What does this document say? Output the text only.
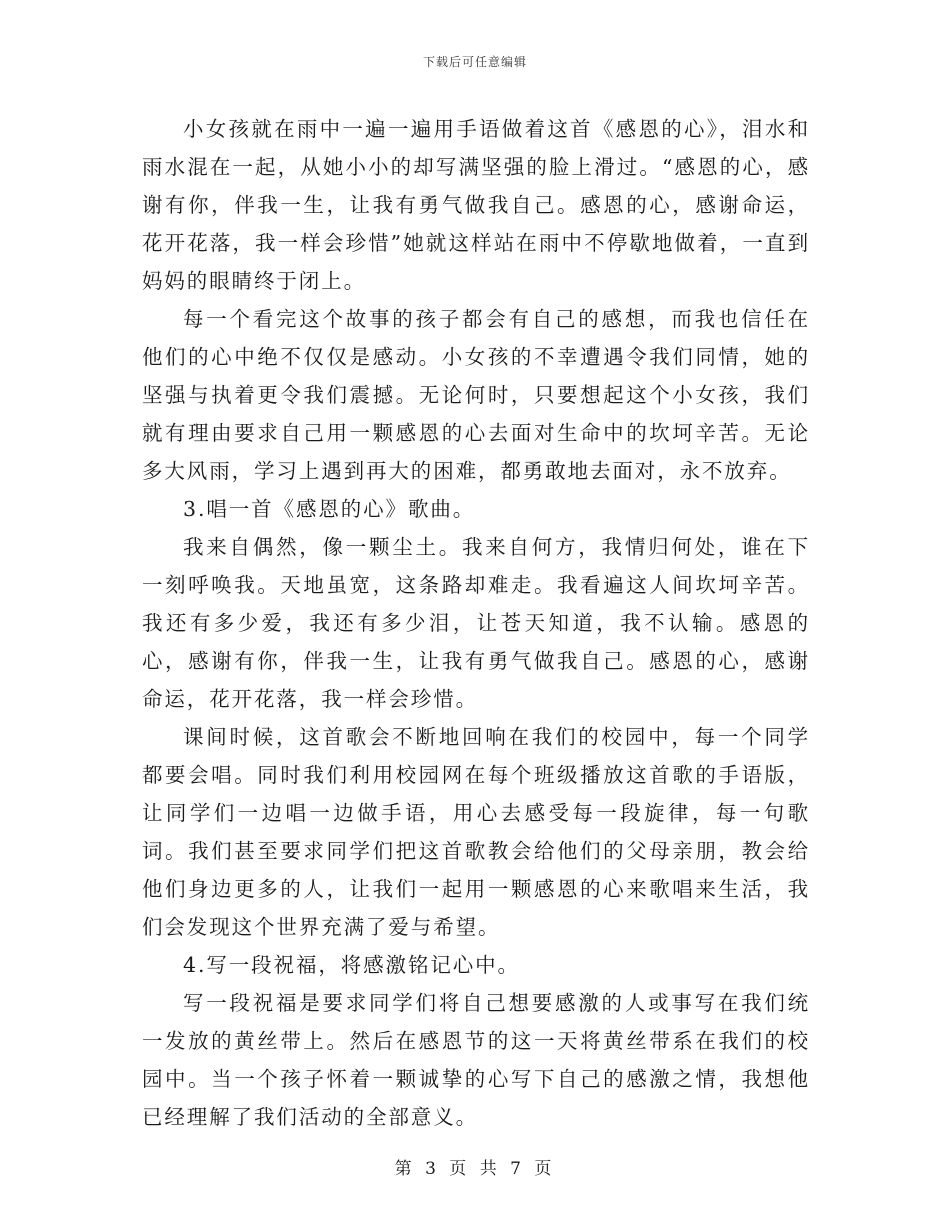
下载后可任意编辑

小女孩就在雨中一遍一遍用手语做着这首《感恩的心》，泪水和雨水混在一起，从她小小的却写满坚强的脸上滑过。“感恩的心，感谢有你，伴我一生，让我有勇气做我自己。感恩的心，感谢命运，花开花落，我一样会珍惜”她就这样站在雨中不停歇地做着，一直到妈妈的眼睛终于闭上。

每一个看完这个故事的孩子都会有自己的感想，而我也信任在他们的心中绝不仅仅是感动。小女孩的不幸遭遇令我们同情，她的坚强与执着更令我们震撼。无论何时，只要想起这个小女孩，我们就有理由要求自己用一颗感恩的心去面对生命中的坎坷辛苦。无论多大风雨，学习上遇到再大的困难，都勇敢地去面对，永不放弃。

3.唱一首《感恩的心》歌曲。

我来自偶然，像一颗尘土。我来自何方，我情归何处，谁在下一刻呼唤我。天地虽宽，这条路却难走。我看遍这人间坎坷辛苦。我还有多少爱，我还有多少泪，让苍天知道，我不认输。感恩的心，感谢有你，伴我一生，让我有勇气做我自己。感恩的心，感谢命运，花开花落，我一样会珍惜。

课间时候，这首歌会不断地回响在我们的校园中，每一个同学都要会唱。同时我们利用校园网在每个班级播放这首歌的手语版，让同学们一边唱一边做手语，用心去感受每一段旋律，每一句歌词。我们甚至要求同学们把这首歌教会给他们的父母亲朋，教会给他们身边更多的人，让我们一起用一颗感恩的心来歌唱来生活，我们会发现这个世界充满了爱与希望。

4.写一段祝福，将感激铭记心中。

写一段祝福是要求同学们将自己想要感激的人或事写在我们统一发放的黄丝带上。然后在感恩节的这一天将黄丝带系在我们的校园中。当一个孩子怀着一颗诚挚的心写下自己的感激之情，我想他已经理解了我们活动的全部意义。

第 3 页 共 7 页
